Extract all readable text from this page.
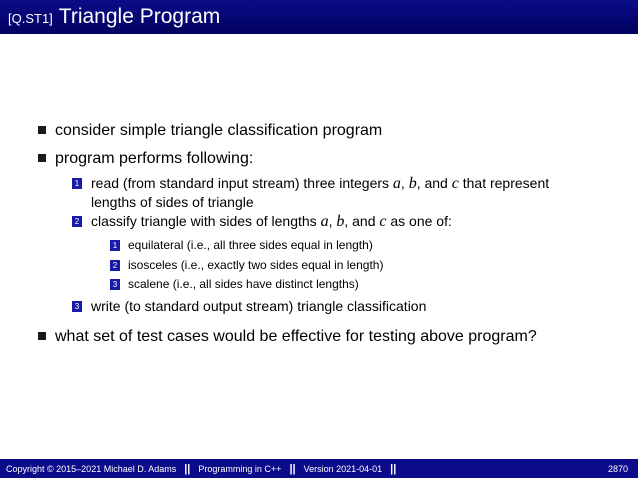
[Q.ST1] Triangle Program
consider simple triangle classification program
program performs following:
1 read (from standard input stream) three integers a, b, and c that represent
lengths of sides of triangle
2 classify triangle with sides of lengths a, b, and c as one of:
1 equilateral (i.e., all three sides equal in length)
2 isosceles (i.e., exactly two sides equal in length)
3 scalene (i.e., all sides have distinct lengths)
3 write (to standard output stream) triangle classification
what set of test cases would be effective for testing above program?
Copyright © 2015–2021 Michael D. Adams || Programming in C++ || Version 2021-04-01 ||	2870
